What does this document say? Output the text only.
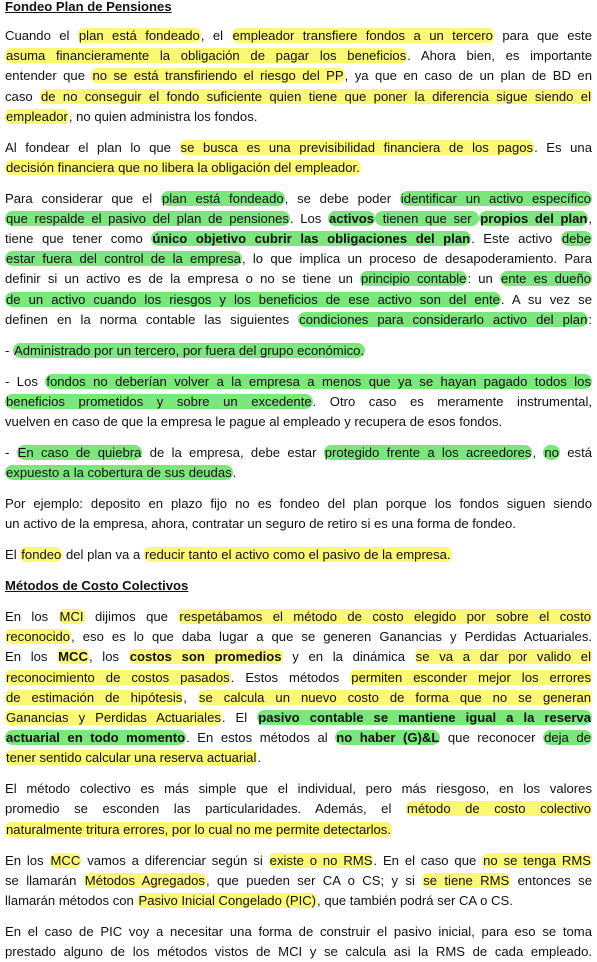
Fondeo Plan de Pensiones
Cuando el plan está fondeado, el empleador transfiere fondos a un tercero para que este
asuma financieramente la obligación de pagar los beneficios. Ahora bien, es importante
entender que no se está transfiriendo el riesgo del PP, ya que en caso de un plan de BD en
caso de no conseguir el fondo suficiente quien tiene que poner la diferencia sigue siendo el
empleador, no quien administra los fondos.
Al fondear el plan lo que se busca es una previsibilidad financiera de los pagos. Es una
decisión financiera que no libera la obligación del empleador.
Para considerar que el plan está fondeado, se debe poder identificar un activo específico
que respalde el pasivo del plan de pensiones. Los activos tienen que ser propios del plan,
tiene que tener como único objetivo cubrir las obligaciones del plan. Este activo debe
estar fuera del control de la empresa, lo que implica un proceso de desapoderamiento. Para
definir si un activo es de la empresa o no se tiene un principio contable: un ente es dueño
de un activo cuando los riesgos y los beneficios de ese activo son del ente. A su vez se
definen en la norma contable las siguientes condiciones para considerarlo activo del plan:
- Administrado por un tercero, por fuera del grupo económico.
- Los fondos no deberían volver a la empresa a menos que ya se hayan pagado todos los
beneficios prometidos y sobre un excedente. Otro caso es meramente instrumental,
vuelven en caso de que la empresa le pague al empleado y recupera de esos fondos.
- En caso de quiebra de la empresa, debe estar protegido frente a los acreedores, no está
expuesto a la cobertura de sus deudas.
Por ejemplo: deposito en plazo fijo no es fondeo del plan porque los fondos siguen siendo
un activo de la empresa, ahora, contratar un seguro de retiro si es una forma de fondeo.
El fondeo del plan va a reducir tanto el activo como el pasivo de la empresa.
Métodos de Costo Colectivos
En los MCI dijimos que respetábamos el método de costo elegido por sobre el costo
reconocido, eso es lo que daba lugar a que se generen Ganancias y Perdidas Actuariales.
En los MCC, los costos son promedios y en la dinámica se va a dar por valido el
reconocimiento de costos pasados. Estos métodos permiten esconder mejor los errores
de estimación de hipótesis, se calcula un nuevo costo de forma que no se generan
Ganancias y Perdidas Actuariales. El pasivo contable se mantiene igual a la reserva
actuarial en todo momento. En estos métodos al no haber (G)&L que reconocer deja de
tener sentido calcular una reserva actuarial.
El método colectivo es más simple que el individual, pero más riesgoso, en los valores
promedio se esconden las particularidades. Además, el método de costo colectivo
naturalmente tritura errores, por lo cual no me permite detectarlos.
En los MCC vamos a diferenciar según si existe o no RMS. En el caso que no se tenga RMS
se llamarán Métodos Agregados, que pueden ser CA o CS; y si se tiene RMS entonces se
llamarán métodos con Pasivo Inicial Congelado (PIC), que también podrá ser CA o CS.
En el caso de PIC voy a necesitar una forma de construir el pasivo inicial, para eso se toma
prestado alguno de los métodos vistos de MCI y se calcula asi la RMS de cada empleado.
